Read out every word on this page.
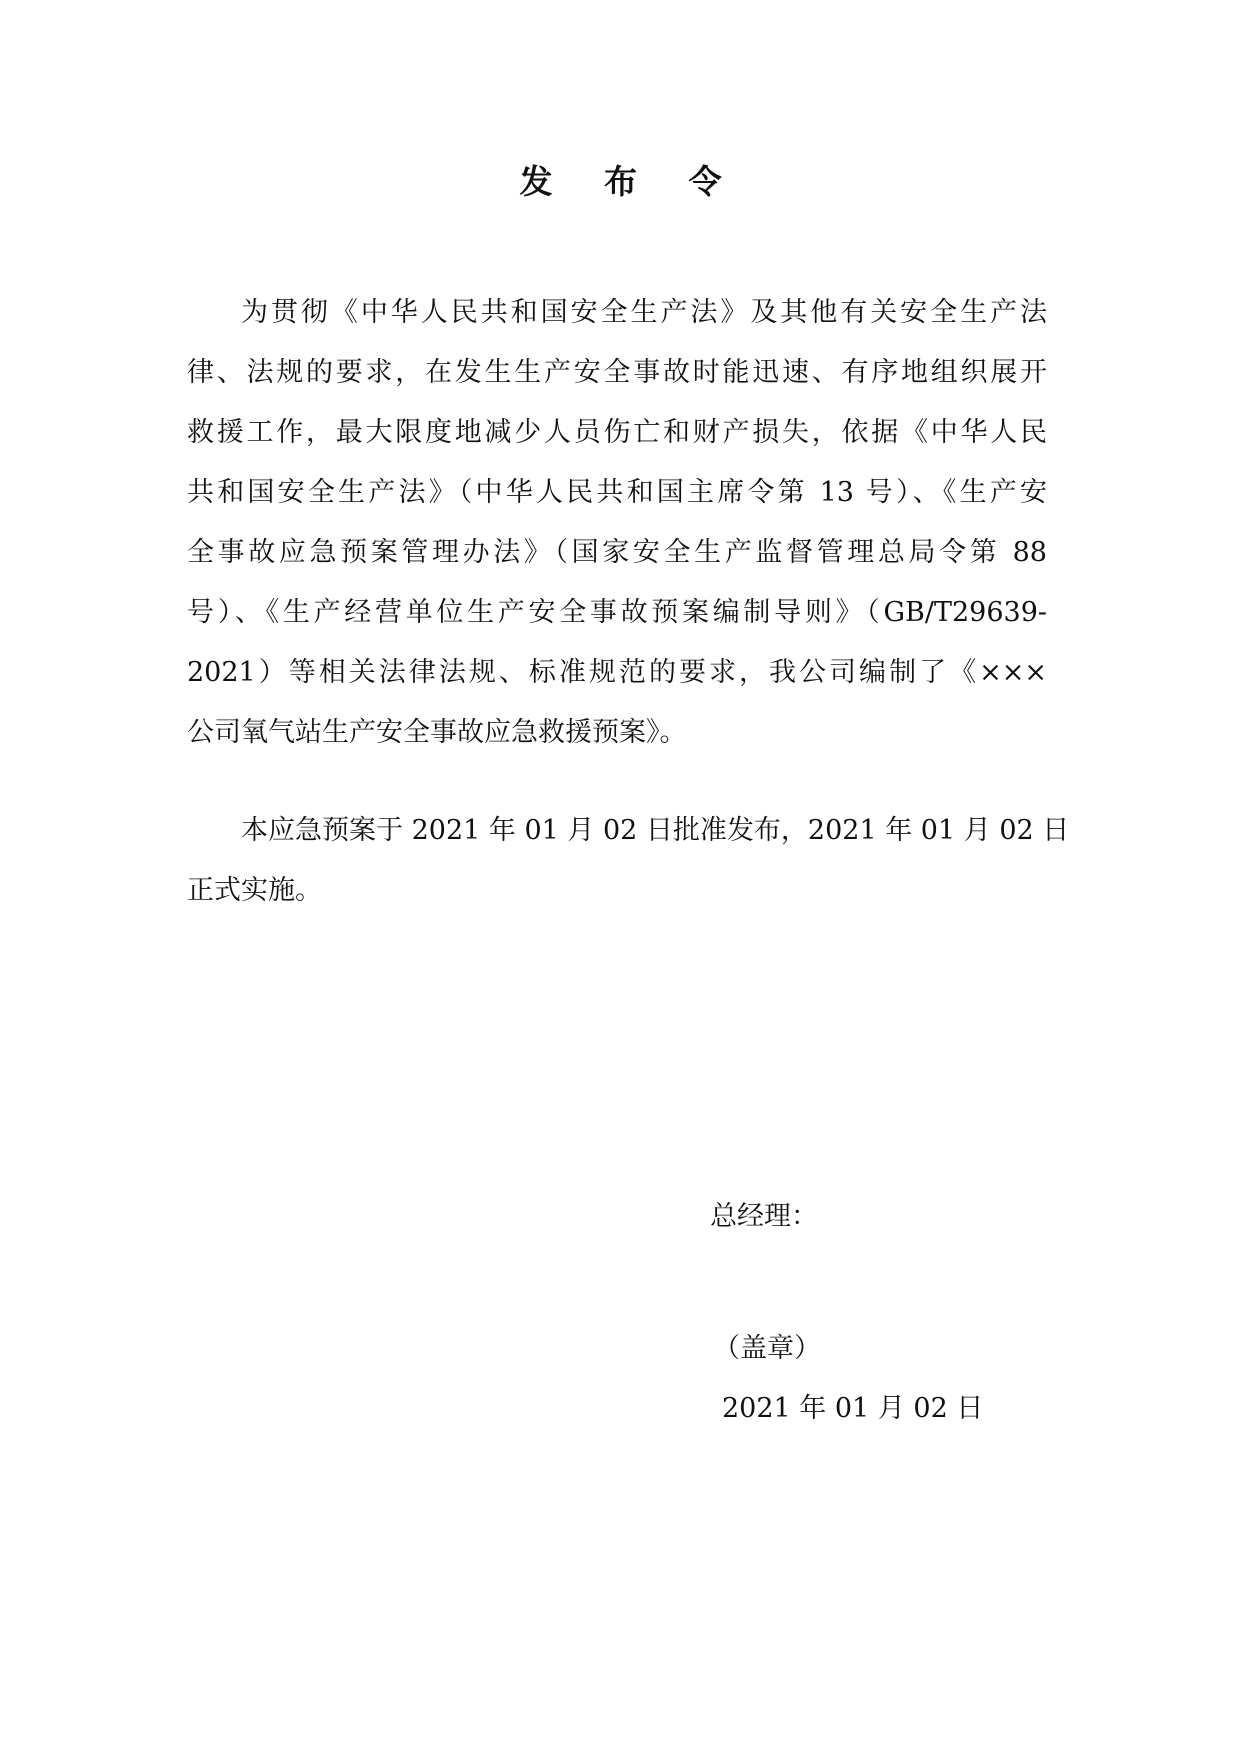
发 布 令
为贯彻《中华人民共和国安全生产法》及其他有关安全生产法
律、法规的要求，在发生生产安全事故时能迅速、有序地组织展开
救援工作，最大限度地减少人员伤亡和财产损失，依据《中华人民
共和国安全生产法》（中华人民共和国主席令第 13 号）、《生产安
全事故应急预案管理办法》（国家安全生产监督管理总局令第 88
号）、《生产经营单位生产安全事故预案编制导则》（GB/T29639-
2021）等相关法律法规、标准规范的要求，我公司编制了《×××
公司氧气站生产安全事故应急救援预案》。
本应急预案于 2021 年 01 月 02 日批准发布，2021 年 01 月 02 日
正式实施。
总经理：
（盖章）
2021 年 01 月 02 日
